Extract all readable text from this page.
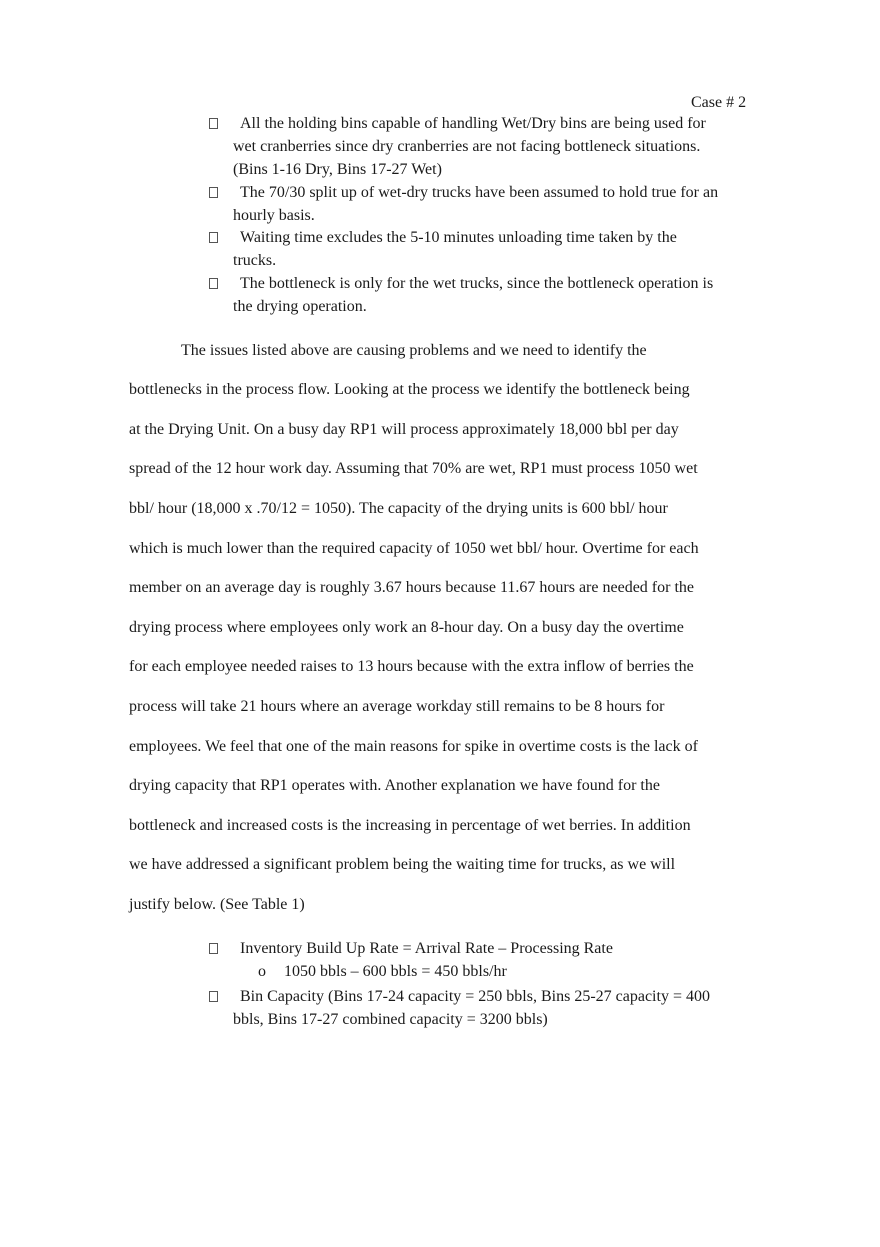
Case # 2
All the holding bins capable of handling Wet/Dry bins are being used for
wet cranberries since dry cranberries are not facing bottleneck situations.
(Bins 1-16 Dry, Bins 17-27 Wet)
The 70/30 split up of wet-dry trucks have been assumed to hold true for an
hourly basis.
Waiting time excludes the 5-10 minutes unloading time taken by the
trucks.
The bottleneck is only for the wet trucks, since the bottleneck operation is
the drying operation.
The issues listed above are causing problems and we need to identify the
bottlenecks in the process flow. Looking at the process we identify the bottleneck being
at the Drying Unit. On a busy day RP1 will process approximately 18,000 bbl per day
spread of the 12 hour work day. Assuming that 70% are wet, RP1 must process 1050 wet
bbl/ hour (18,000 x .70/12 = 1050). The capacity of the drying units is 600 bbl/ hour
which is much lower than the required capacity of 1050 wet bbl/ hour. Overtime for each
member on an average day is roughly 3.67 hours because 11.67 hours are needed for the
drying process where employees only work an 8-hour day. On a busy day the overtime
for each employee needed raises to 13 hours because with the extra inflow of berries the
process will take 21 hours where an average workday still remains to be 8 hours for
employees. We feel that one of the main reasons for spike in overtime costs is the lack of
drying capacity that RP1 operates with. Another explanation we have found for the
bottleneck and increased costs is the increasing in percentage of wet berries. In addition
we have addressed a significant problem being the waiting time for trucks, as we will
justify below. (See Table 1)
Inventory Build Up Rate = Arrival Rate – Processing Rate
o 1050 bbls – 600 bbls = 450 bbls/hr
Bin Capacity (Bins 17-24 capacity = 250 bbls, Bins 25-27 capacity = 400
bbls, Bins 17-27 combined capacity = 3200 bbls)
